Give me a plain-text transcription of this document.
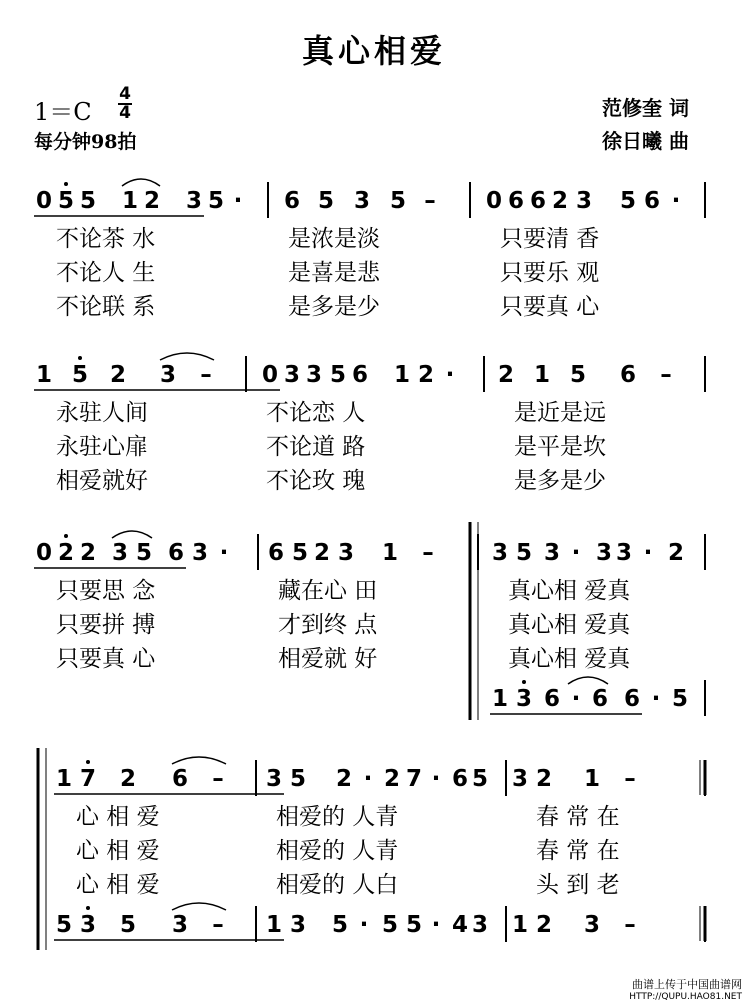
真心相爱
1＝C
4
4
每分钟98拍
范修奎 词
徐日曦 曲
0 5 5 1 2 3 5 · 6 5 3 5 – 0 6 6 2 3 5 6 ·
不论茶 水	是浓是淡	只要清 香
不论人 生	是喜是悲	只要乐 观
不论联 系	是多是少	只要真 心
1 5 2 3 – 0 3 3 5 6 1 2 · 2 1 5 6 –
永驻人间	不论恋 人	是近是远
永驻心扉	不论道 路	是平是坎
相爱就好	不论玫 瑰	是多是少
0 2 2 3 5 6 3 · 6 5 2 3 1 –	3 5 3 · 3 3 · 2
只要思 念	藏在心 田	真心相 爱真
只要拼 搏	才到终 点	真心相 爱真
只要真 心	相爱就 好	真心相 爱真
1 3 6 · 6 6 · 5
1 7 2 6 – 3 5 2 · 2 7 · 6 5 3 2 1 –
心 相 爱	相爱的 人青	春 常 在
心 相 爱	相爱的 人青	春 常 在
心 相 爱	相爱的 人白	头 到 老
5 3 5 3 – 1 3 5 · 5 5 · 4 3 1 2 3 –
曲谱上传于中国曲谱网
HTTP://QUPU.HAO81.NET
